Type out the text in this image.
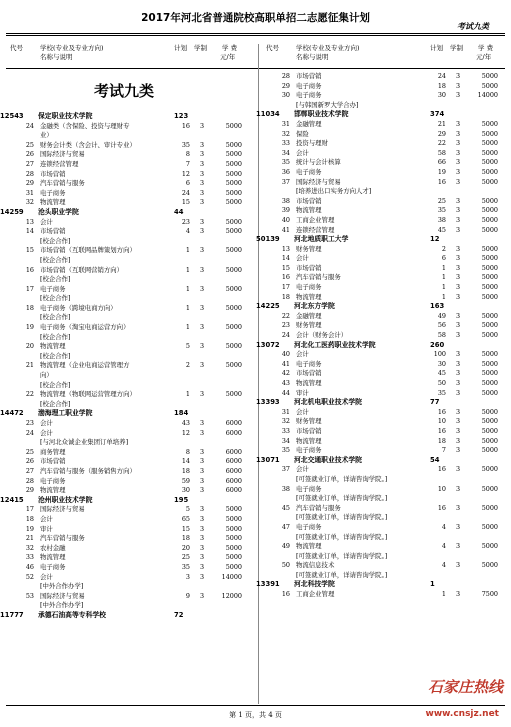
2017年河北省普通院校高职单招二志愿征集计划
考试九类
代号	学校(专业及专业方向)
名称与说明
计划 学制 学 费
元/年
代号	学校(专业及专业方向)
名称与说明
计划 学制 学 费
元/年
考试九类
12543	保定职业技术学院	123
24 金融类（含保险、投资与理财专	16	3	5000
业）
25 财务会计类（含会计、审计专业）	35	3	5000
26 国际经济与贸易	8	3	5000
27 连锁经营管理	7	3	5000
28 市场营销	12	3	5000
29 汽车营销与服务	6	3	5000
31 电子商务	24	3	5000
32 物流管理	15	3	5000
14259	沧头职业学院	44
13 会计	23	3	5000
14 市场营销	4	3	5000
[校企合作]
15 市场营销（互联网品牌策划方向）	1	3	5000
[校企合作]
16 市场营销（互联网营销方向）	1	3	5000
[校企合作]
17 电子商务	1	3	5000
[校企合作]
18 电子商务（跨境电商方向）	1	3	5000
[校企合作]
19 电子商务（淘宝电商运营方向）	1	3	5000
[校企合作]
20 物流管理	5	3	5000
[校企合作]
21 物流管理（企业电商运营管理方	2	3	5000
向）
[校企合作]
22 物流管理（物联网运营管理方向）	1	3	5000
[校企合作]
14472	渤海理工职业学院	184
23 会计	43	3	6000
24 会计	12	3	6000
[与河北众诚企业集团订单培养]
25 商务管理	8	3	6000
26 市场营销	14	3	6000
27 汽车营销与服务（服务销售方向）	18	3	6000
28 电子商务	59	3	6000
29 物流管理	30	3	6000
12415	沧州职业技术学院	195
17 国际经济与贸易	5	3	5000
18 会计	65	3	5000
19 审计	15	3	5000
21 汽车营销与服务	18	3	5000
32 农村金融	20	3	5000
33 物流管理	25	3	5000
46 电子商务	35	3	5000
52 会计	3	3	14000
[中外合作办学]
53 国际经济与贸易	9	3	12000
[中外合作办学]
11777	承德石油高等专科学校	72
28 市场营销	24	3	5000
29 电子商务	18	3	5000
30 电子商务	30	3	14000
[与韩国新罗大学合办]
11034	邯郸职业技术学院	374
31 金融管理	21	3	5000
32 保险	29	3	5000
33 投资与理财	22	3	5000
34 会计	58	3	5000
35 统计与会计核算	66	3	5000
36 电子商务	19	3	5000
37 国际经济与贸易	16	3	5000
[培养进出口实务方向人才]
38 市场营销	25	3	5000
39 物流管理	35	3	5000
40 工商企业管理	38	3	5000
41 连锁经营管理	45	3	5000
50139	河北地质职工大学	12
13 财务管理	2	3	5000
14 会计	6	3	5000
15 市场营销	1	3	5000
16 汽车营销与服务	1	3	5000
17 电子商务	1	3	5000
18 物流管理	1	3	5000
14225	河北东方学院	163
22 金融管理	49	3	5000
23 财务管理	56	3	5000
24 会计（财务会计）	58	3	5000
13072	河北化工医药职业技术学院	260
40 会计	100	3	5000
41 电子商务	30	3	5000
42 市场营销	45	3	5000
43 物流管理	50	3	5000
44 审计	35	3	5000
13393	河北机电职业技术学院	77
31 会计	16	3	5000
32 财务管理	10	3	5000
33 市场营销	16	3	5000
34 物流管理	18	3	5000
35 电子商务	7	3	5000
13071	河北交通职业技术学院	54
37 会计	16	3	5000
[可签就业订单，详请咨询学院。]
38 电子商务	10	3	5000
[可签就业订单，详请咨询学院。]
45 汽车营销与服务	16	3	5000
[可签就业订单，详请咨询学院。]
47 电子商务	4	3	5000
[可签就业订单，详请咨询学院。]
49 物流管理	4	3	5000
[可签就业订单，详请咨询学院。]
50 物流信息技术	4	3	5000
[可签就业订单，详请咨询学院。]
13391	河北科技学院	1
16 工商企业管理	1	3	7500
第 1 页，共 4 页
石家庄热线
www.cnsjz.net
